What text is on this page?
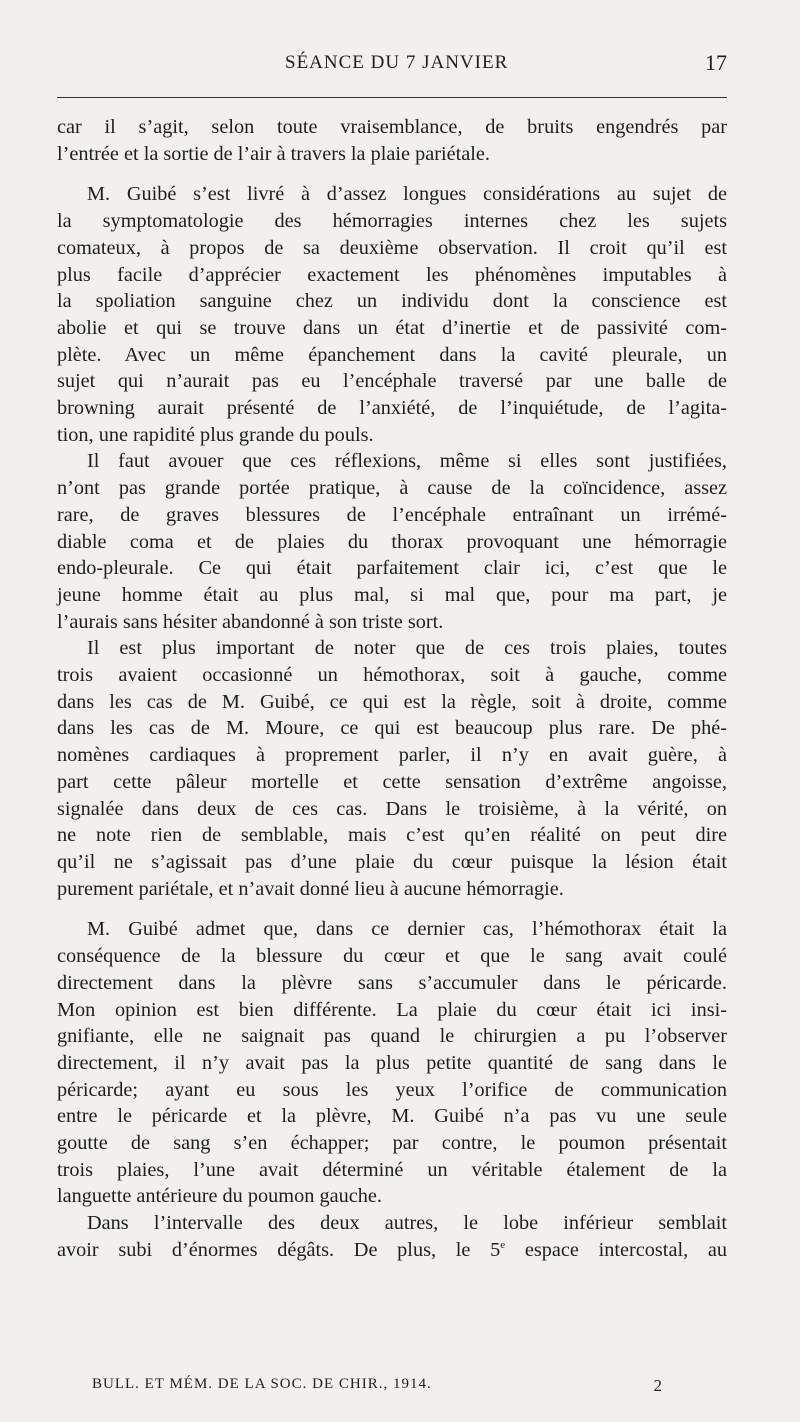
SÉANCE DU 7 JANVIER	17
car il s’agit, selon toute vraisemblance, de bruits engendrés par
l’entrée et la sortie de l’air à travers la plaie pariétale.
M. Guibé s’est livré à d’assez longues considérations au sujet de
la symptomatologie des hémorragies internes chez les sujets
comateux, à propos de sa deuxième observation. Il croit qu’il est
plus facile d’apprécier exactement les phénomènes imputables à
la spoliation sanguine chez un individu dont la conscience est
abolie et qui se trouve dans un état d’inertie et de passivité com-
plète. Avec un même épanchement dans la cavité pleurale, un
sujet qui n’aurait pas eu l’encéphale traversé par une balle de
browning aurait présenté de l’anxiété, de l’inquiétude, de l’agita-
tion, une rapidité plus grande du pouls.
Il faut avouer que ces réflexions, même si elles sont justifiées,
n’ont pas grande portée pratique, à cause de la coïncidence, assez
rare, de graves blessures de l’encéphale entraînant un irrémé-
diable coma et de plaies du thorax provoquant une hémorragie
endo-pleurale. Ce qui était parfaitement clair ici, c’est que le
jeune homme était au plus mal, si mal que, pour ma part, je
l’aurais sans hésiter abandonné à son triste sort.
Il est plus important de noter que de ces trois plaies, toutes
trois avaient occasionné un hémothorax, soit à gauche, comme
dans les cas de M. Guibé, ce qui est la règle, soit à droite, comme
dans les cas de M. Moure, ce qui est beaucoup plus rare. De phé-
nomènes cardiaques à proprement parler, il n’y en avait guère, à
part cette pâleur mortelle et cette sensation d’extrême angoisse,
signalée dans deux de ces cas. Dans le troisième, à la vérité, on
ne note rien de semblable, mais c’est qu’en réalité on peut dire
qu’il ne s’agissait pas d’une plaie du cœur puisque la lésion était
purement pariétale, et n’avait donné lieu à aucune hémorragie.
M. Guibé admet que, dans ce dernier cas, l’hémothorax était la
conséquence de la blessure du cœur et que le sang avait coulé
directement dans la plèvre sans s’accumuler dans le péricarde.
Mon opinion est bien différente. La plaie du cœur était ici insi-
gnifiante, elle ne saignait pas quand le chirurgien a pu l’observer
directement, il n’y avait pas la plus petite quantité de sang dans le
péricarde; ayant eu sous les yeux l’orifice de communication
entre le péricarde et la plèvre, M. Guibé n’a pas vu une seule
goutte de sang s’en échapper; par contre, le poumon présentait
trois plaies, l’une avait déterminé un véritable étalement de la
languette antérieure du poumon gauche.
Dans l’intervalle des deux autres, le lobe inférieur semblait
avoir subi d’énormes dégâts. De plus, le 5e espace intercostal, au
BULL. ET MÉM. DE LA SOC. DE CHIR., 1914.	2
